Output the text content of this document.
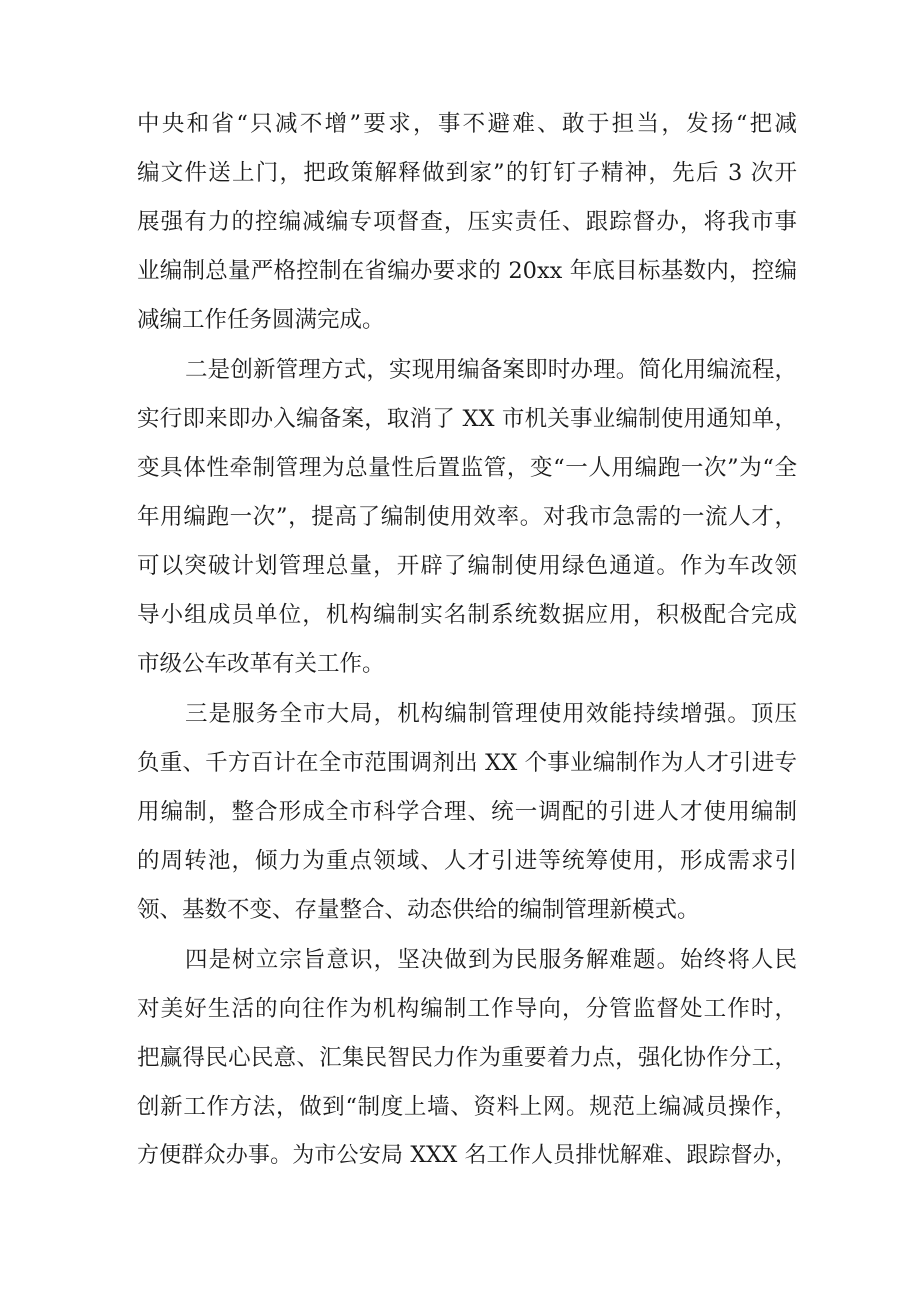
中央和省“只减不增”要求，事不避难、敢于担当，发扬“把减
编文件送上门，把政策解释做到家”的钉钉子精神，先后 3 次开
展强有力的控编减编专项督查，压实责任、跟踪督办，将我市事
业编制总量严格控制在省编办要求的 20xx 年底目标基数内，控编
减编工作任务圆满完成。
二是创新管理方式，实现用编备案即时办理。简化用编流程，
实行即来即办入编备案，取消了 XX 市机关事业编制使用通知单，
变具体性牵制管理为总量性后置监管，变“一人用编跑一次”为“全
年用编跑一次”，提高了编制使用效率。对我市急需的一流人才，
可以突破计划管理总量，开辟了编制使用绿色通道。作为车改领
导小组成员单位，机构编制实名制系统数据应用，积极配合完成
市级公车改革有关工作。
三是服务全市大局，机构编制管理使用效能持续增强。顶压
负重、千方百计在全市范围调剂出 XX 个事业编制作为人才引进专
用编制，整合形成全市科学合理、统一调配的引进人才使用编制
的周转池，倾力为重点领域、人才引进等统筹使用，形成需求引
领、基数不变、存量整合、动态供给的编制管理新模式。
四是树立宗旨意识，坚决做到为民服务解难题。始终将人民
对美好生活的向往作为机构编制工作导向，分管监督处工作时，
把赢得民心民意、汇集民智民力作为重要着力点，强化协作分工，
创新工作方法，做到“制度上墙、资料上网。规范上编减员操作，
方便群众办事。为市公安局 XXX 名工作人员排忧解难、跟踪督办，
